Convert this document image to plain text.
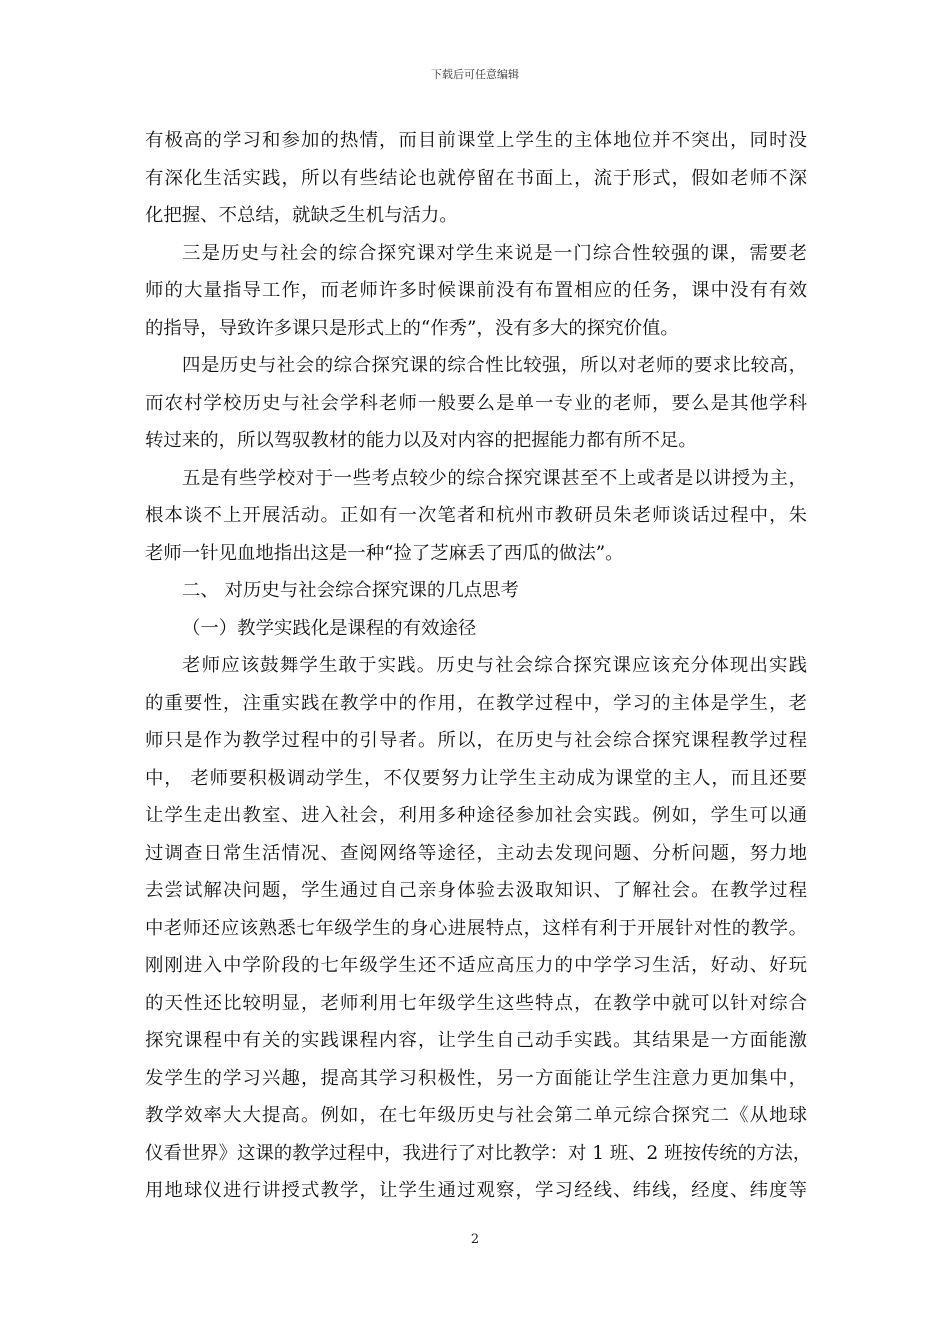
下载后可任意编辑
有极高的学习和参加的热情，而目前课堂上学生的主体地位并不突出，同时没
有深化生活实践，所以有些结论也就停留在书面上，流于形式，假如老师不深
化把握、不总结，就缺乏生机与活力。
三是历史与社会的综合探究课对学生来说是一门综合性较强的课，需要老
师的大量指导工作，而老师许多时候课前没有布置相应的任务，课中没有有效
的指导，导致许多课只是形式上的“作秀”，没有多大的探究价值。
四是历史与社会的综合探究课的综合性比较强，所以对老师的要求比较高，
而农村学校历史与社会学科老师一般要么是单一专业的老师，要么是其他学科
转过来的，所以驾驭教材的能力以及对内容的把握能力都有所不足。
五是有些学校对于一些考点较少的综合探究课甚至不上或者是以讲授为主，
根本谈不上开展活动。正如有一次笔者和杭州市教研员朱老师谈话过程中，朱
老师一针见血地指出这是一种“捡了芝麻丢了西瓜的做法”。
二、 对历史与社会综合探究课的几点思考
（一）教学实践化是课程的有效途径
老师应该鼓舞学生敢于实践。历史与社会综合探究课应该充分体现出实践
的重要性，注重实践在教学中的作用，在教学过程中，学习的主体是学生，老
师只是作为教学过程中的引导者。所以，在历史与社会综合探究课程教学过程
中， 老师要积极调动学生，不仅要努力让学生主动成为课堂的主人，而且还要
让学生走出教室、进入社会，利用多种途径参加社会实践。例如，学生可以通
过调查日常生活情况、查阅网络等途径，主动去发现问题、分析问题，努力地
去尝试解决问题，学生通过自己亲身体验去汲取知识、了解社会。在教学过程
中老师还应该熟悉七年级学生的身心进展特点，这样有利于开展针对性的教学。
刚刚进入中学阶段的七年级学生还不适应高压力的中学学习生活，好动、好玩
的天性还比较明显，老师利用七年级学生这些特点，在教学中就可以针对综合
探究课程中有关的实践课程内容，让学生自己动手实践。其结果是一方面能激
发学生的学习兴趣，提高其学习积极性，另一方面能让学生注意力更加集中，
教学效率大大提高。例如，在七年级历史与社会第二单元综合探究二《从地球
仪看世界》这课的教学过程中，我进行了对比教学：对 1 班、2 班按传统的方法，
用地球仪进行讲授式教学，让学生通过观察，学习经线、纬线，经度、纬度等
2
